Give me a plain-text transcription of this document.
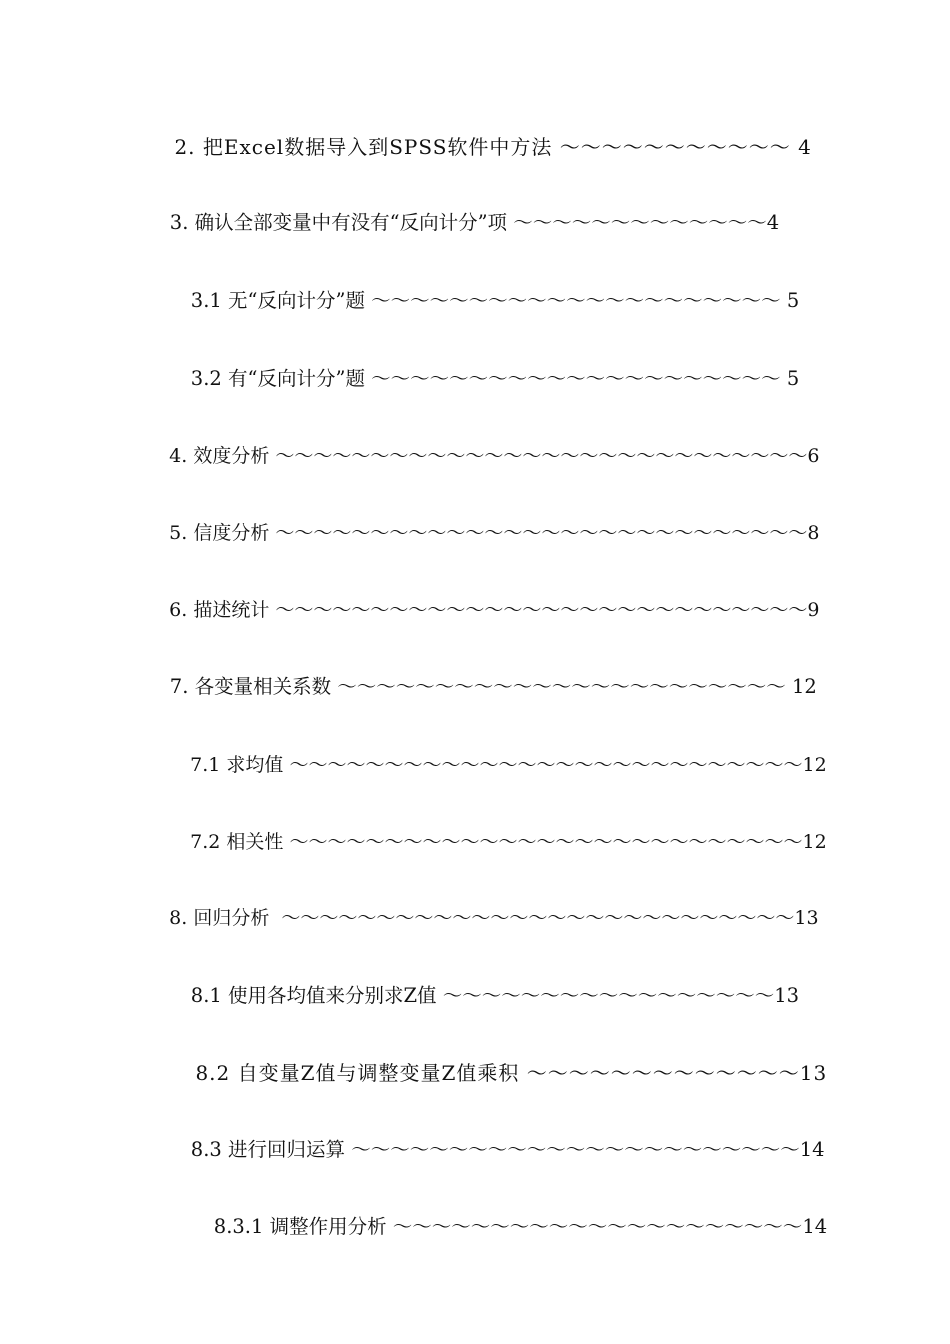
2. 把Excel数据导入到SPSS软件中方法 ～～～～～～～～～～～ 4

3. 确认全部变量中有没有“反向计分”项 ～～～～～～～～～～～～～4

3.1 无“反向计分”题 ～～～～～～～～～～～～～～～～～～～～～ 5

3.2 有“反向计分”题 ～～～～～～～～～～～～～～～～～～～～～ 5

4. 效度分析 ～～～～～～～～～～～～～～～～～～～～～～～～～～～～6

5. 信度分析 ～～～～～～～～～～～～～～～～～～～～～～～～～～～～8

6. 描述统计 ～～～～～～～～～～～～～～～～～～～～～～～～～～～～9

7. 各变量相关系数 ～～～～～～～～～～～～～～～～～～～～～～～ 12

7.1 求均值 ～～～～～～～～～～～～～～～～～～～～～～～～～～～12

7.2 相关性 ～～～～～～～～～～～～～～～～～～～～～～～～～～～12

8. 回归分析  ～～～～～～～～～～～～～～～～～～～～～～～～～～～13

8.1 使用各均值来分别求Z值 ～～～～～～～～～～～～～～～～～13

8.2 自变量Z值与调整变量Z值乘积 ～～～～～～～～～～～～～13

8.3 进行回归运算 ～～～～～～～～～～～～～～～～～～～～～～～14

8.3.1 调整作用分析 ～～～～～～～～～～～～～～～～～～～～～14
